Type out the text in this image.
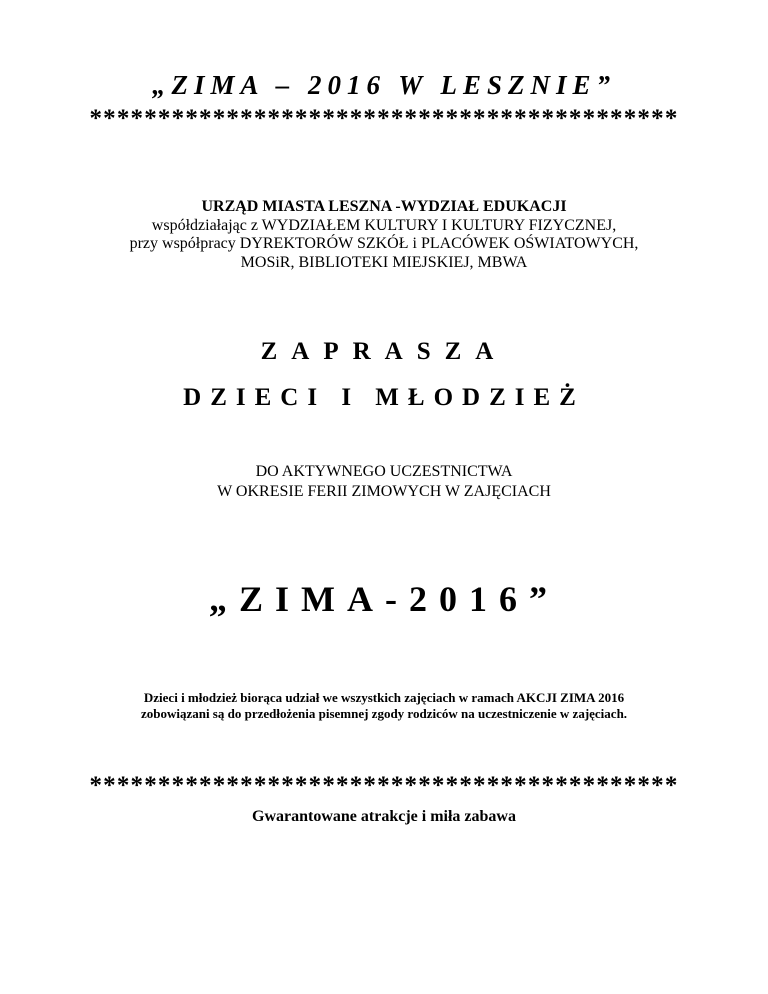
„ZIMA – 2016 W LESZNIE”
*******************************************
URZĄD MIASTA LESZNA -WYDZIAŁ EDUKACJI
współdziałając z WYDZIAŁEM KULTURY I KULTURY FIZYCZNEJ,
przy współpracy DYREKTORÓW SZKÓŁ i PLACÓWEK OŚWIATOWYCH,
MOSiR, BIBLIOTEKI MIEJSKIEJ, MBWA
ZAPRASZA
DZIECI I MŁODZIEŻ
DO AKTYWNEGO UCZESTNICTWA
W OKRESIE FERII ZIMOWYCH W ZAJĘCIACH
„ZIMA-2016”
Dzieci i młodzież biorąca udział we wszystkich zajęciach w ramach AKCJI ZIMA 2016
zobowiązani są do przedłożenia pisemnej zgody rodziców na uczestniczenie w zajęciach.
*******************************************
Gwarantowane atrakcje i miła zabawa
